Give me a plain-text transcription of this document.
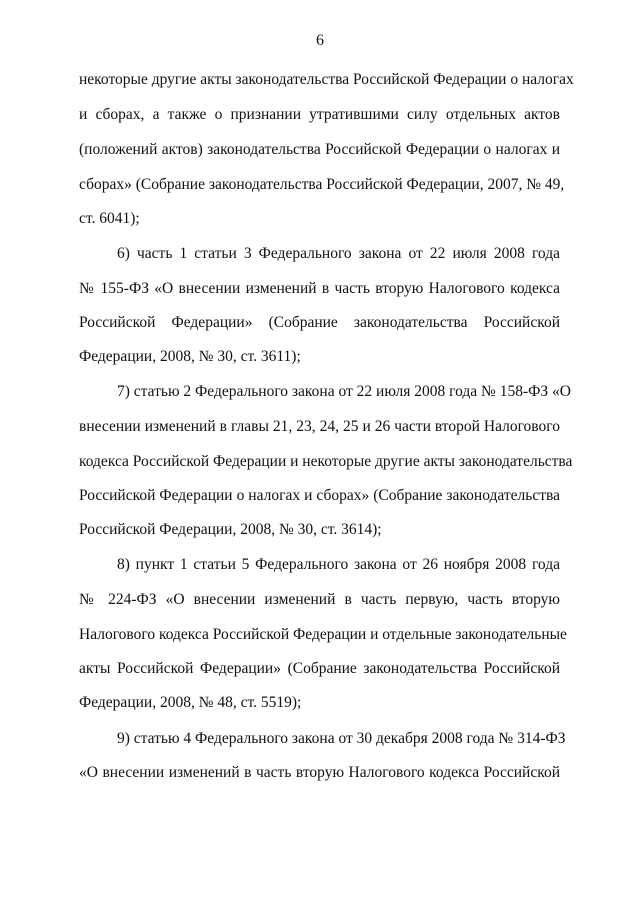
6
некоторые другие акты законодательства Российской Федерации о налогах
и сборах, а также о признании утратившими силу отдельных актов
(положений актов) законодательства Российской Федерации о налогах и
сборах» (Собрание законодательства Российской Федерации, 2007, № 49,
ст. 6041);
6) часть 1 статьи 3 Федерального закона от 22 июля 2008 года
№ 155-ФЗ «О внесении изменений в часть вторую Налогового кодекса
Российской Федерации» (Собрание законодательства Российской
Федерации, 2008, № 30, ст. 3611);
7) статью 2 Федерального закона от 22 июля 2008 года № 158-ФЗ «О
внесении изменений в главы 21, 23, 24, 25 и 26 части второй Налогового
кодекса Российской Федерации и некоторые другие акты законодательства
Российской Федерации о налогах и сборах» (Собрание законодательства
Российской Федерации, 2008, № 30, ст. 3614);
8) пункт 1 статьи 5 Федерального закона от 26 ноября 2008 года
№ 224-ФЗ «О внесении изменений в часть первую, часть вторую
Налогового кодекса Российской Федерации и отдельные законодательные
акты Российской Федерации» (Собрание законодательства Российской
Федерации, 2008, № 48, ст. 5519);
9) статью 4 Федерального закона от 30 декабря 2008 года № 314-ФЗ
«О внесении изменений в часть вторую Налогового кодекса Российской
